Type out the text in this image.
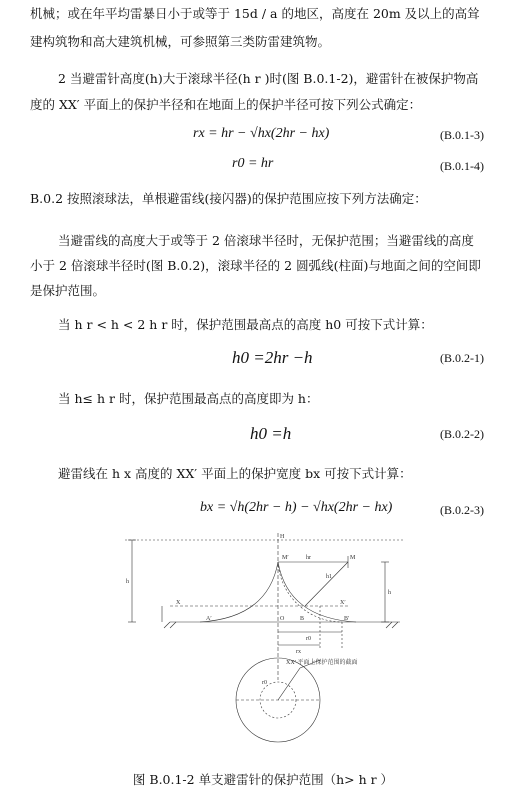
机械；或在年平均雷暴日小于或等于 15d / a 的地区，高度在 20m 及以上的高耸
建构筑物和高大建筑机械，可参照第三类防雷建筑物。
2 当避雷针高度(h)大于滚球半径(h r )时(图 B.0.1-2)，避雷针在被保护物高
度的 XX′ 平面上的保护半径和在地面上的保护半径可按下列公式确定：
rx = hr − √hx(2hr − hx)	(B.0.1-3)
r0 = hr	(B.0.1-4)
B.0.2 按照滚球法，单根避雷线(接闪器)的保护范围应按下列方法确定：
当避雷线的高度大于或等于 2 倍滚球半径时，无保护范围；当避雷线的高度
小于 2 倍滚球半径时(图 B.0.2)，滚球半径的 2 圆弧线(柱面)与地面之间的空间即
是保护范围。
当 h r < h < 2 h r 时，保护范围最高点的高度 h0 可按下式计算：
h0 =2hr −h	(B.0.2-1)
当 h≤ h r 时，保护范围最高点的高度即为 h：
h0 =h	(B.0.2-2)
避雷线在 h x 高度的 XX′ 平面上的保护宽度 bx 可按下式计算：
bx = √h(2hr − h) − √hx(2hr − hx)	(B.0.2-3)
H
M′	hr	M
h1
h
X	X′
h
A′	O	B	B′
r0
rx
XX′ 平面上保护范围的截面
r0
图 B.0.1-2 单支避雷针的保护范围（h> h r ）
